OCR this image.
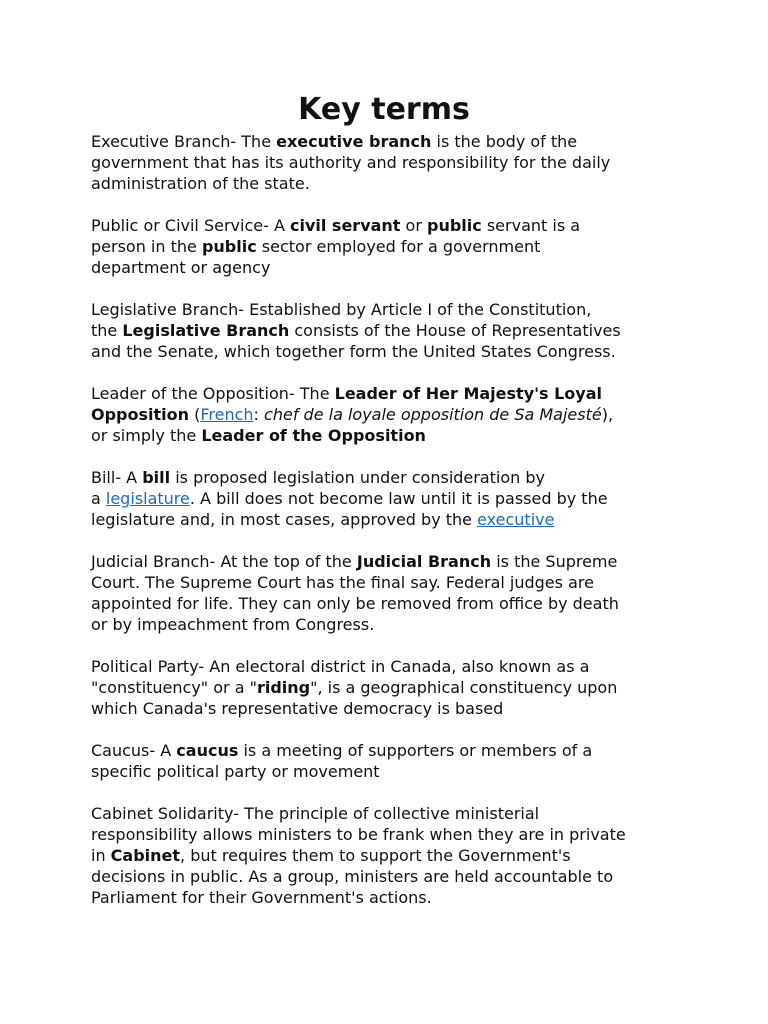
Key terms

Executive Branch- The executive branch is the body of the
government that has its authority and responsibility for the daily
administration of the state.

Public or Civil Service- A civil servant or public servant is a
person in the public sector employed for a government
department or agency

Legislative Branch- Established by Article I of the Constitution,
the Legislative Branch consists of the House of Representatives
and the Senate, which together form the United States Congress.

Leader of the Opposition- The Leader of Her Majesty's Loyal
Opposition (French: chef de la loyale opposition de Sa Majesté),
or simply the Leader of the Opposition

Bill- A bill is proposed legislation under consideration by
a legislature. A bill does not become law until it is passed by the
legislature and, in most cases, approved by the executive

Judicial Branch- At the top of the Judicial Branch is the Supreme
Court. The Supreme Court has the final say. Federal judges are
appointed for life. They can only be removed from office by death
or by impeachment from Congress.

Political Party- An electoral district in Canada, also known as a
"constituency" or a "riding", is a geographical constituency upon
which Canada's representative democracy is based

Caucus- A caucus is a meeting of supporters or members of a
specific political party or movement

Cabinet Solidarity- The principle of collective ministerial
responsibility allows ministers to be frank when they are in private
in Cabinet, but requires them to support the Government's
decisions in public. As a group, ministers are held accountable to
Parliament for their Government's actions.
